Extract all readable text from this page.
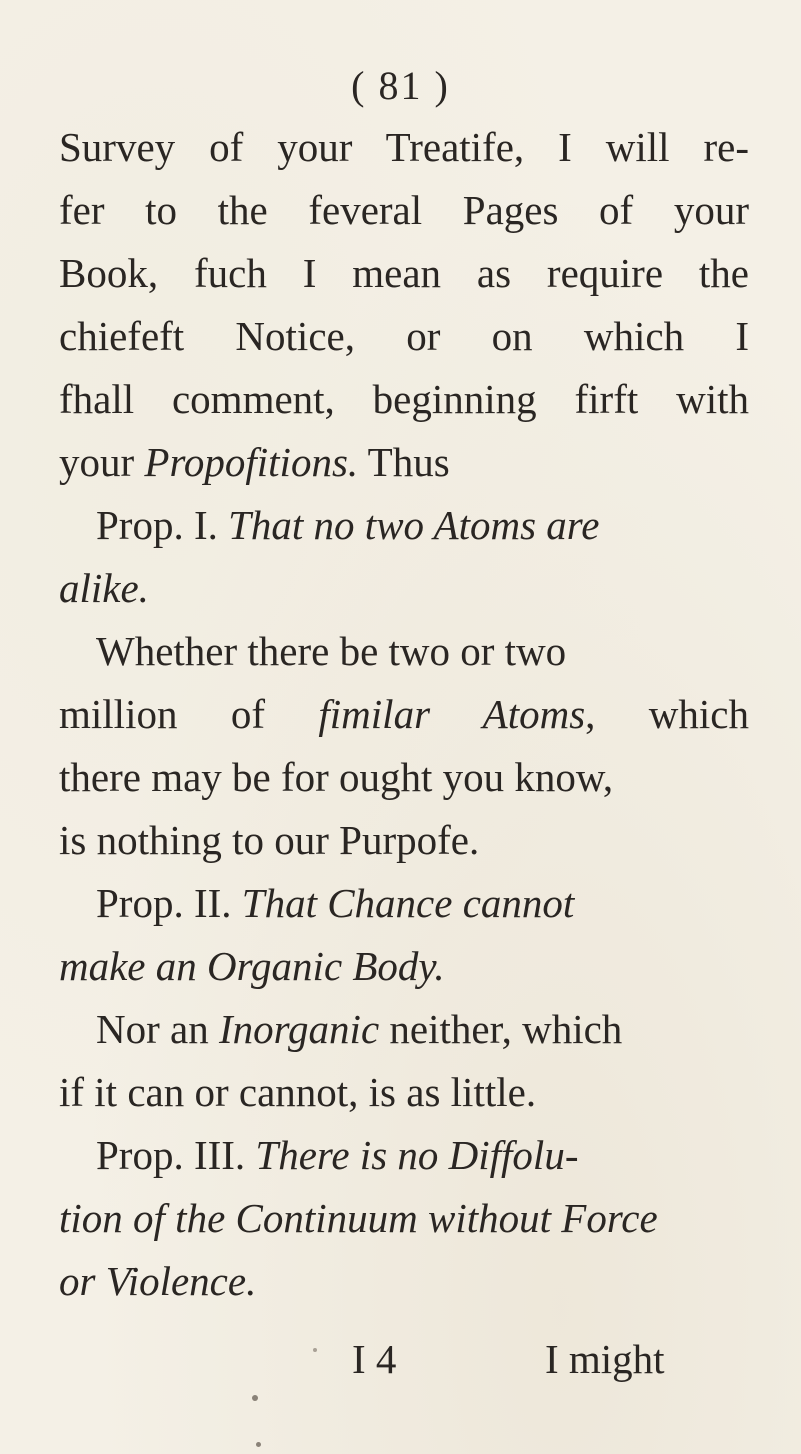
( 81 )
Survey of your Treatife, I will re-
fer to the feveral Pages of your
Book, fuch I mean as require the
chiefeft Notice, or on which I
fhall comment, beginning firft with
your Propofitions. Thus
Prop. I. That no two Atoms are
alike.
Whether there be two or two
million of fimilar Atoms, which
there may be for ought you know,
is nothing to our Purpofe.
Prop. II. That Chance cannot
make an Organic Body.
Nor an Inorganic neither, which
if it can or cannot, is as little.
Prop. III. There is no Diffolu-
tion of the Continuum without Force
or Violence.
I 4	I might
